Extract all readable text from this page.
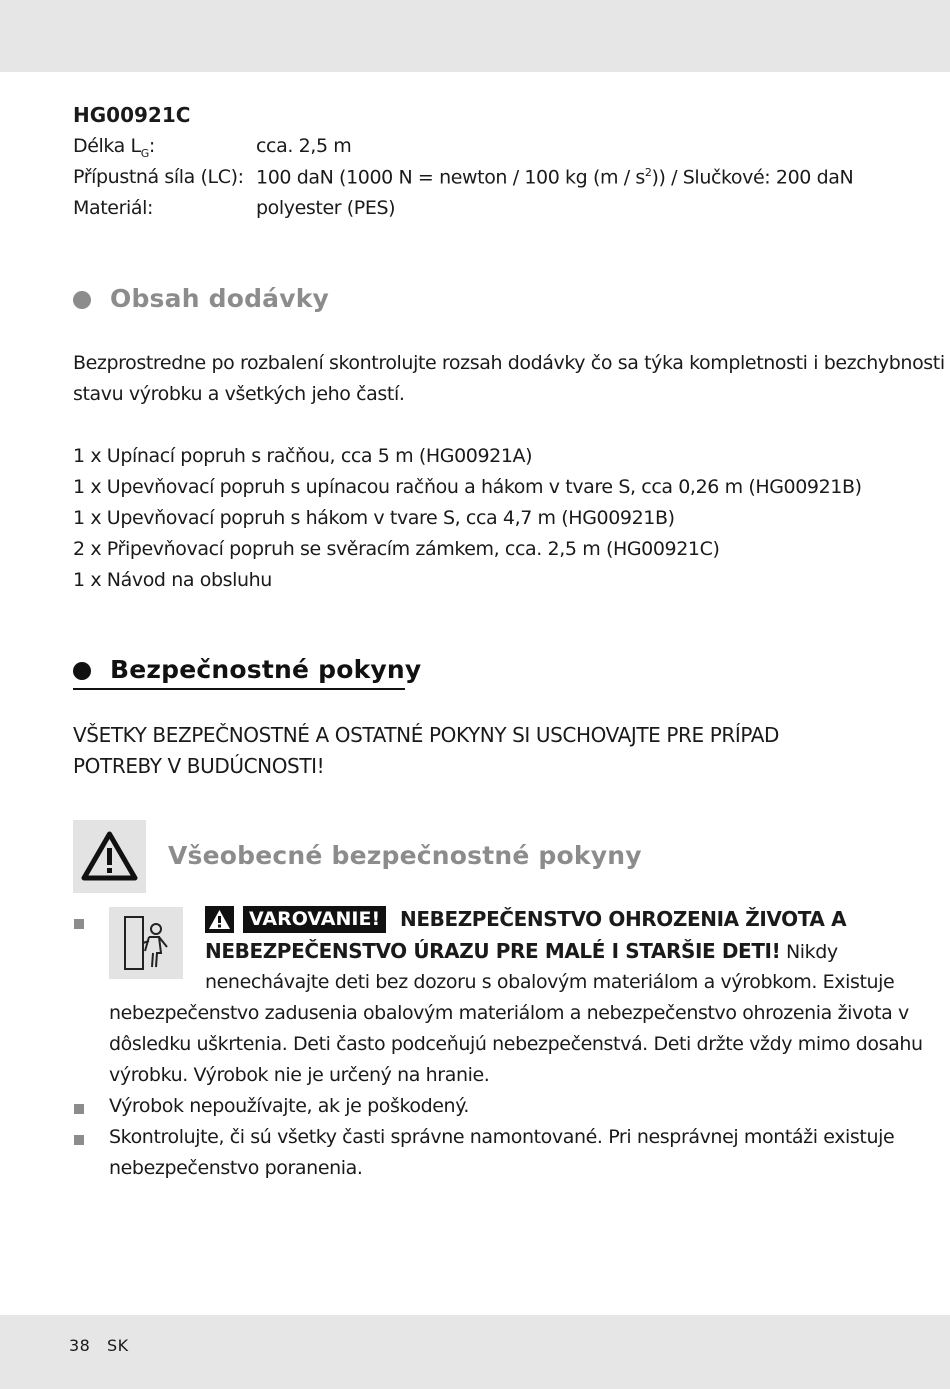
HG00921C
Délka $L_G$:	cca. 2,5 m
Přípustná síla (LC): 100 daN (1000 N = newton / 100 kg $(m / s^2)$) / Slučkové: 200 daN
Materiál:	polyester (PES)
Obsah dodávky
Bezprostredne po rozbalení skontrolujte rozsah dodávky čo sa týka kompletnosti i bezchybnosti
stavu výrobku a všetkých jeho častí.
1 x Upínací popruh s račňou, cca 5 m (HG00921A)
1 x Upevňovací popruh s upínacou račňou a hákom v tvare S, cca 0,26 m (HG00921B)
1 x Upevňovací popruh s hákom v tvare S, cca 4,7 m (HG00921B)
2 x Připevňovací popruh se svěracím zámkem, cca. 2,5 m (HG00921C)
1 x Návod na obsluhu
Bezpečnostné pokyny
VŠETKY BEZPEČNOSTNÉ A OSTATNÉ POKYNY SI USCHOVAJTE PRE PRÍPAD
POTREBY V BUDÚCNOSTI!
Všeobecné bezpečnostné pokyny
VAROVANIE! NEBEZPEČENSTVO OHROZENIA ŽIVOTA A
NEBEZPEČENSTVO ÚRAZU PRE MALÉ I STARŠIE DETI! Nikdy
nenechávajte deti bez dozoru s obalovým materiálom a výrobkom. Existuje
nebezpečenstvo zadusenia obalovým materiálom a nebezpečenstvo ohrozenia života v
dôsledku uškrtenia. Deti často podceňujú nebezpečenstvá. Deti držte vždy mimo dosahu
výrobku. Výrobok nie je určený na hranie.
Výrobok nepoužívajte, ak je poškodený.
Skontrolujte, či sú všetky časti správne namontované. Pri nesprávnej montáži existuje
nebezpečenstvo poranenia.
38 SK
